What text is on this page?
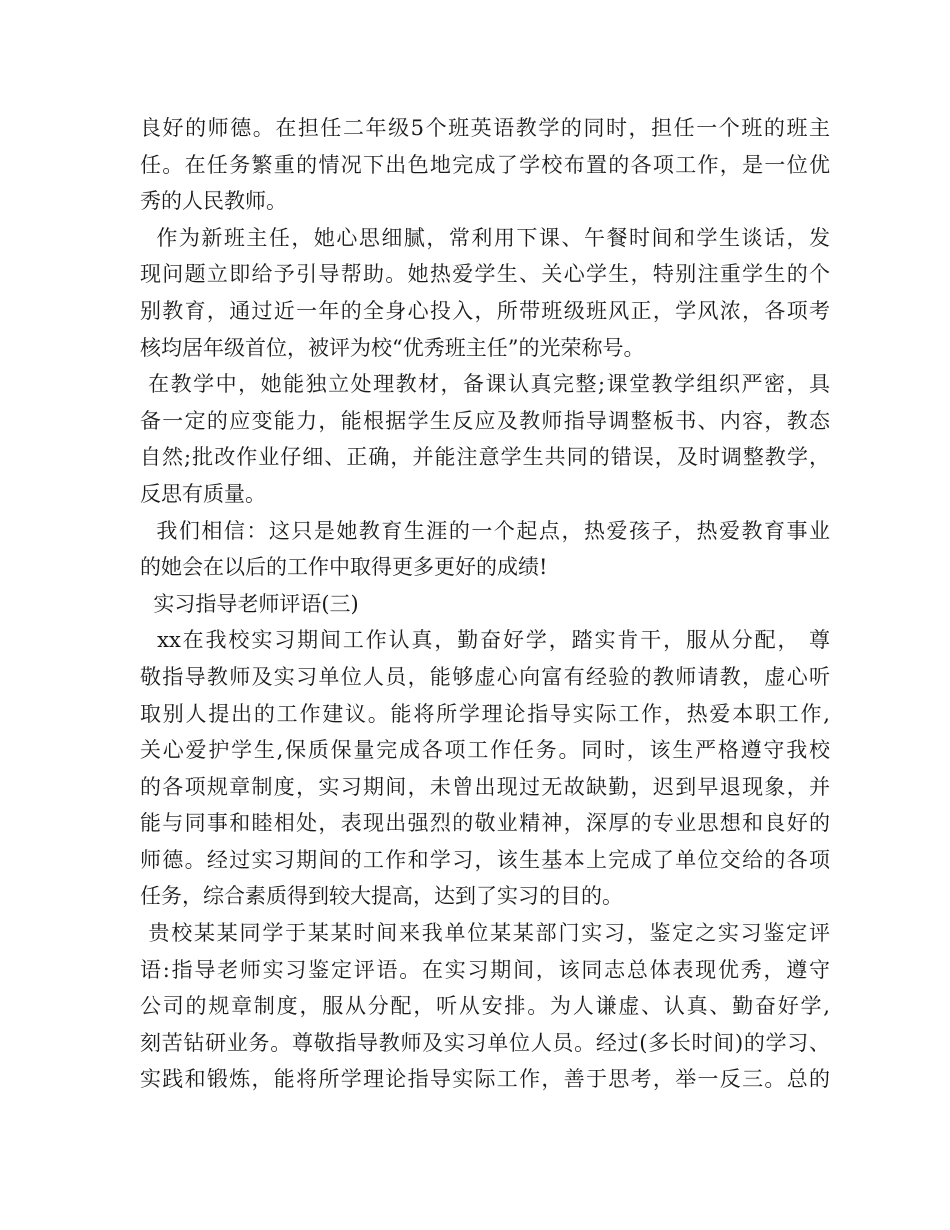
良好的师德。在担任二年级5个班英语教学的同时，担任一个班的班主
任。在任务繁重的情况下出色地完成了学校布置的各项工作，是一位优
秀的人民教师。
作为新班主任，她心思细腻，常利用下课、午餐时间和学生谈话，发
现问题立即给予引导帮助。她热爱学生、关心学生，特别注重学生的个
别教育，通过近一年的全身心投入，所带班级班风正，学风浓，各项考
核均居年级首位，被评为校“优秀班主任”的光荣称号。
在教学中，她能独立处理教材，备课认真完整;课堂教学组织严密，具
备一定的应变能力，能根据学生反应及教师指导调整板书、内容，教态
自然;批改作业仔细、正确，并能注意学生共同的错误，及时调整教学，
反思有质量。
我们相信：这只是她教育生涯的一个起点，热爱孩子，热爱教育事业
的她会在以后的工作中取得更多更好的成绩!
实习指导老师评语(三)
xx在我校实习期间工作认真，勤奋好学，踏实肯干，服从分配， 尊
敬指导教师及实习单位人员，能够虚心向富有经验的教师请教，虚心听
取别人提出的工作建议。能将所学理论指导实际工作，热爱本职工作,
关心爱护学生,保质保量完成各项工作任务。同时，该生严格遵守我校
的各项规章制度，实习期间，未曾出现过无故缺勤，迟到早退现象，并
能与同事和睦相处，表现出强烈的敬业精神，深厚的专业思想和良好的
师德。经过实习期间的工作和学习，该生基本上完成了单位交给的各项
任务，综合素质得到较大提高，达到了实习的目的。
贵校某某同学于某某时间来我单位某某部门实习，鉴定之实习鉴定评
语:指导老师实习鉴定评语。在实习期间，该同志总体表现优秀，遵守
公司的规章制度，服从分配，听从安排。为人谦虚、认真、勤奋好学,
刻苦钻研业务。尊敬指导教师及实习单位人员。经过(多长时间)的学习、
实践和锻炼，能将所学理论指导实际工作，善于思考，举一反三。总的
